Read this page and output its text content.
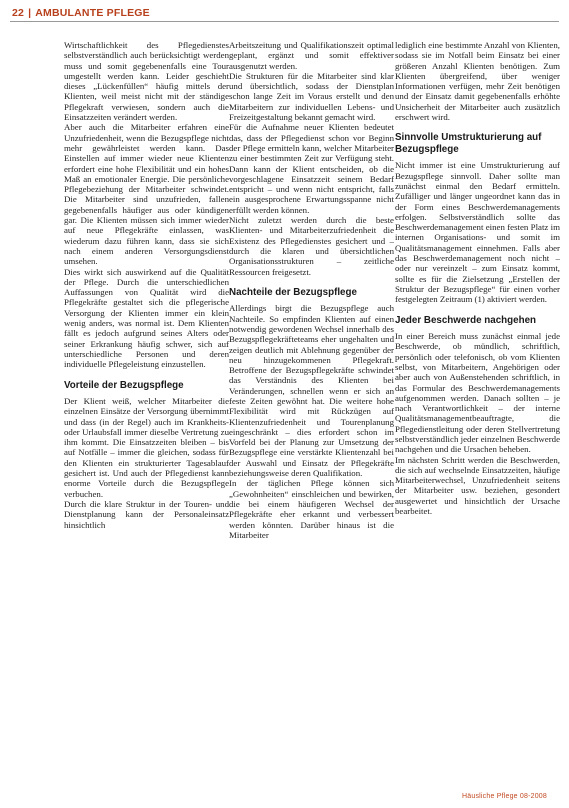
22 | AMBULANTE PFLEGE

Wirtschaftlichkeit des Pflegedienstes selbstverständlich auch berücksichtigt werden muss und somit gegebenenfalls eine Tour umgestellt werden kann. Leider geschieht dieses „Lückenfüllen“ häufig mittels der Klienten, weil meist nicht mit der ständige Pflegekraft verwiesen, sondern auch die Einsatzzeiten verändert werden.

Aber auch die Mitarbeiter erfahren eine Unzufriedenheit, wenn die Bezugspflege nicht mehr gewährleistet werden kann. Das Einstellen auf immer wieder neue Klienten erfordert eine hohe Flexibilität und ein hohes Maß an emotionaler Energie. Die persönliche Pflegebeziehung der Mitarbeiter schwindet. Die Mitarbeiter sind unzufrieden, fallen gegebenenfalls häufiger aus oder kündigen gar. Die Klienten müssen sich immer wieder auf neue Pflegekräfte einlassen, was wiederum dazu führen kann, dass sie sich nach einem anderen Versorgungsdienst umsehen.

Dies wirkt sich auswirkend auf die Qualität der Pflege. Durch die unterschiedlichen Auffassungen von Qualität wird die Pflegekräfte gestaltet sich die pflegerische Versorgung der Klienten immer ein klein wenig anders, was normal ist. Dem Klienten fällt es jedoch aufgrund seines Alters oder seiner Erkrankung häufig schwer, sich auf unterschiedliche Personen und deren individuelle Pflegeleistung einzustellen.

Vorteile der Bezugspflege

Der Klient weiß, welcher Mitarbeiter die einzelnen Einsätze der Versorgung übernimmt und dass (in der Regel) auch im Krankheits- oder Urlaubsfall immer dieselbe Vertretung zu ihm kommt. Die Einsatzzeiten bleiben – bis auf Notfälle – immer die gleichen, sodass für den Klienten ein strukturierter Tagesablauf gesichert ist. Und auch der Pflegedienst kann enorme Vorteile durch die Bezugspflege verbuchen.

Durch die klare Struktur in der Touren- und Dienstplanung kann der Personaleinsatz hinsichtlich

Arbeitszeitung und Qualifikationszeit optimal geplant, ergänzt und somit effektiver ausgenutzt werden.

Die Strukturen für die Mitarbeiter sind klar und übersichtlich, sodass der Dienstplan schon lange Zeit im Voraus erstellt und den Mitarbeitern zur individuellen Lebens- und Freizeitgestaltung bekannt gemacht wird.

Für die Aufnahme neuer Klienten bedeutet das, dass der Pflegedienst schon vor Beginn der Pflege ermitteln kann, welcher Mitarbeiter zu einer bestimmten Zeit zur Verfügung steht. Dann kann der Klient entscheiden, ob die vorgeschlagene Einsatzzeit seinem Bedarf entspricht – und wenn nicht entspricht, falls ein ausgesprochene Erwartungsspanne nicht erfüllt werden können.

Nicht zuletzt werden durch die beste Klienten- und Mitarbeiterzufriedenheit die Existenz des Pflegedienstes gesichert und – durch die klaren und übersichtlichen Organisationsstrukturen – zeitliche Ressourcen freigesetzt.

Nachteile der Bezugspflege

Allerdings birgt die Bezugspflege auch Nachteile. So empfinden Klienten auf einen notwendig gewordenen Wechsel innerhalb des Bezugspflegekräfteteams eher ungehalten und zeigen deutlich mit Ablehnung gegenüber der neu hinzugekommenen Pflegekraft. Betroffene der Bezugspflegekräfte schwindet das Verständnis des Klienten bei Veränderungen, schnellen wenn er sich an feste Zeiten gewöhnt hat. Die weitere hohe Flexibilität wird mit Rückzügen auf Klientenzufriedenheit und Tourenplanung eingeschränkt – dies erfordert schon im Vorfeld bei der Planung zur Umsetzung der Bezugspflege eine verstärkte Klientenzahl bei der Auswahl und Einsatz der Pflegekräfte beziehungsweise deren Qualifikation.

In der täglichen Pflege können sich „Gewohnheiten“ einschleichen und bewirken, die bei einem häufigeren Wechsel der Pflegekräfte eher erkannt und verbessert werden könnten. Darüber hinaus ist die Mitarbeiter

lediglich eine bestimmte Anzahl von Klienten, sodass sie im Notfall beim Einsatz bei einer größeren Anzahl Klienten benötigen. Zum Klienten übergreifend, über weniger Informationen verfügen, mehr Zeit benötigen und der Einsatz damit gegebenenfalls erhöhte Unsicherheit der Mitarbeiter auch zusätzlich erschwert wird.

Sinnvolle Umstrukturierung auf Bezugspflege

Nicht immer ist eine Umstrukturierung auf Bezugspflege sinnvoll. Daher sollte man zunächst einmal den Bedarf ermitteln. Zufälliger und länger ungeordnet kann das in der Form eines Beschwerdemanagements erfolgen. Selbstverständlich sollte das Beschwerdemanagement einen festen Platz im internen Organisations- und somit im Qualitätsmanagement einnehmen. Falls aber das Beschwerdemanagement noch nicht – oder nur vereinzelt – zum Einsatz kommt, sollte es für die Zielsetzung „Erstellen der Struktur der Bezugspflege“ für einen vorher festgelegten Zeitraum (1) aktiviert werden.

Jeder Beschwerde nachgehen

In einer Bereich muss zunächst einmal jede Beschwerde, ob mündlich, schriftlich, persönlich oder telefonisch, ob vom Klienten selbst, von Mitarbeitern, Angehörigen oder aber auch von Außenstehenden schriftlich, in das Formular des Beschwerdemanagements aufgenommen werden. Danach sollten – je nach Verantwortlichkeit – der interne Qualitätsmanagementbeauftragte, die Pflegedienstleitung oder deren Stellvertretung selbstverständlich jeder einzelnen Beschwerde nachgehen und die Ursachen beheben.

Im nächsten Schritt werden die Beschwerden, die sich auf wechselnde Einsatzzeiten, häufige Mitarbeiterwechsel, Unzufriedenheit seitens der Mitarbeiter usw. beziehen, gesondert ausgewertet und hinsichtlich der Ursache bearbeitet.

Häusliche Pflege 08-2008
